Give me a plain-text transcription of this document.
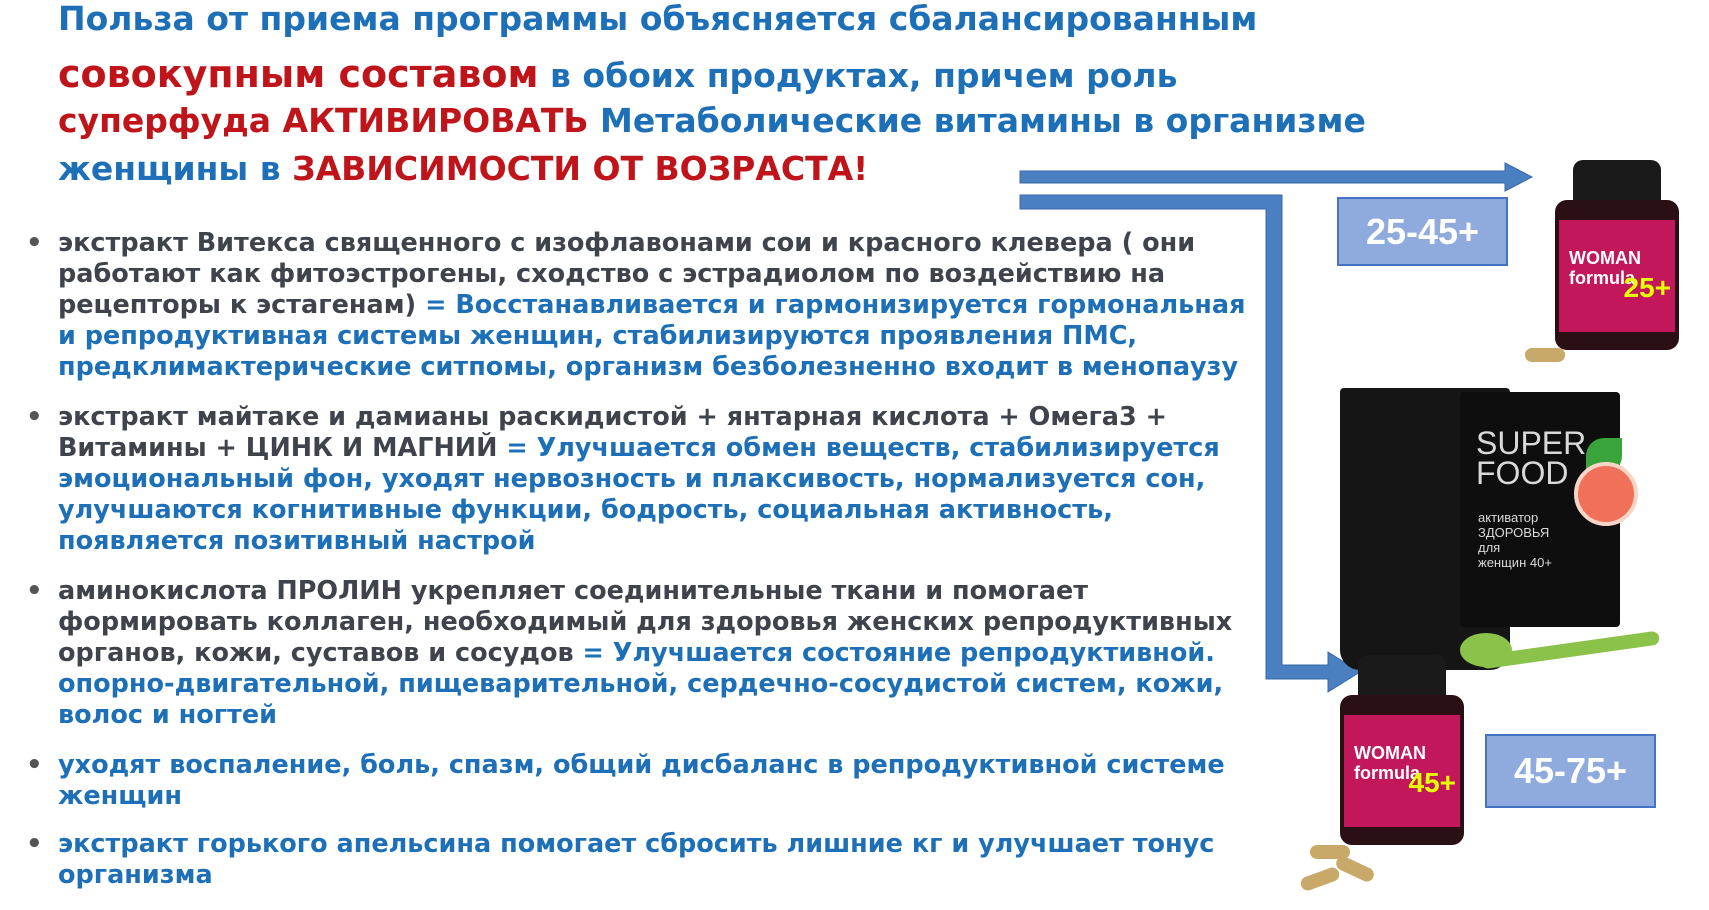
Польза от приема программы объясняется сбалансированным
совокупным составом в обоих продуктах, причем роль
суперфуда АКТИВИРОВАТЬ Метаболические витамины в организме
женщины в ЗАВИСИМОСТИ ОТ ВОЗРАСТА!
• экстракт Витекса священного с изофлавонами сои и красного клевера ( они работают как фитоэстрогены, сходство с эстрадиолом по воздействию на рецепторы к эстагенам) = Восстанавливается и гармонизируется гормональная и репродуктивная системы женщин, стабилизируются проявления ПМС, предклимактерические ситпомы, организм безболезненно входит в менопаузу
• экстракт майтаке и дамианы раскидистой + янтарная кислота + Омега3 + Витамины + ЦИНК И МАГНИЙ = Улучшается обмен веществ, стабилизируется эмоциональный фон, уходят нервозность и плаксивость, нормализуется сон, улучшаются когнитивные функции, бодрость, социальная активность, появляется позитивный настрой
• аминокислота ПРОЛИН укрепляет соединительные ткани и помогает формировать коллаген, необходимый для здоровья женских репродуктивных органов, кожи, суставов и сосудов = Улучшается состояние репродуктивной. опорно-двигательной, пищеварительной, сердечно-сосудистой систем, кожи, волос и ногтей
• уходят воспаление, боль, спазм, общий дисбаланс в репродуктивной системе женщин
• экстракт горького апельсина помогает сбросить лишние кг и улучшает тонус организма
25-45+
45-75+
WOMAN
formula
25+
SUPER
FOOD
активатор
ЗДОРОВЬЯ
для
женщин 40+
WOMAN
formula
45+
